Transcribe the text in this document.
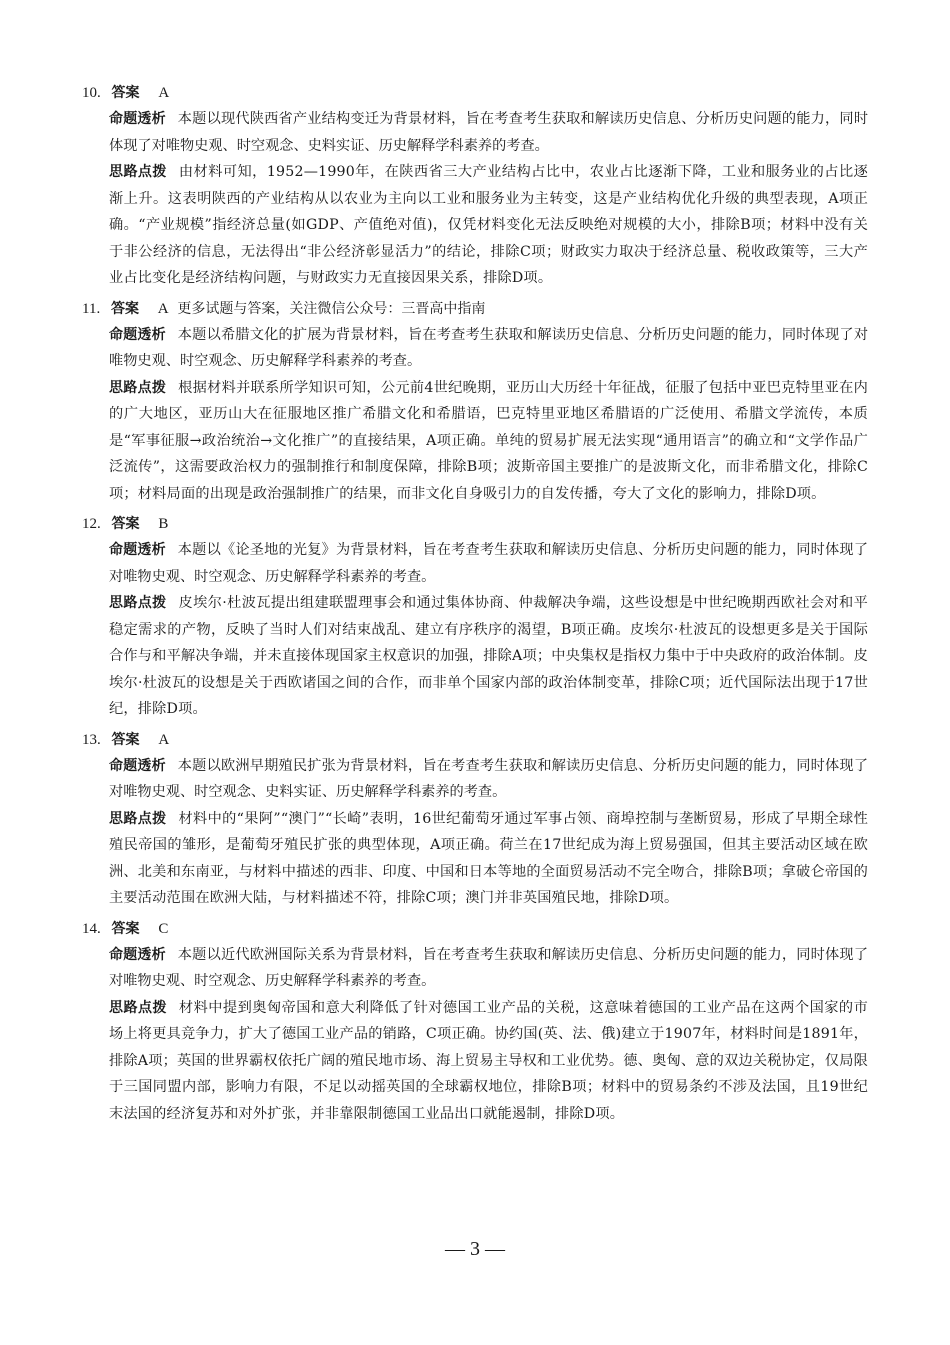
10. 答案 A
命题透析 本题以现代陕西省产业结构变迁为背景材料，旨在考查考生获取和解读历史信息、分析历史问题的能力，同时体现了对唯物史观、时空观念、史料实证、历史解释学科素养的考查。
思路点拨 由材料可知，1952—1990年，在陕西省三大产业结构占比中，农业占比逐渐下降，工业和服务业的占比逐渐上升。这表明陕西的产业结构从以农业为主向以工业和服务业为主转变，这是产业结构优化升级的典型表现，A项正确。“产业规模”指经济总量(如GDP、产值绝对值)，仅凭材料变化无法反映绝对规模的大小，排除B项；材料中没有关于非公经济的信息，无法得出“非公经济彰显活力”的结论，排除C项；财政实力取决于经济总量、税收政策等，三大产业占比变化是经济结构问题，与财政实力无直接因果关系，排除D项。
11. 答案 A 更多试题与答案，关注微信公众号：三晋高中指南
命题透析 本题以希腊文化的扩展为背景材料，旨在考查考生获取和解读历史信息、分析历史问题的能力，同时体现了对唯物史观、时空观念、历史解释学科素养的考查。
思路点拨 根据材料并联系所学知识可知，公元前4世纪晚期，亚历山大历经十年征战，征服了包括中亚巴克特里亚在内的广大地区，亚历山大在征服地区推广希腊文化和希腊语，巴克特里亚地区希腊语的广泛使用、希腊文学流传，本质是“军事征服→政治统治→文化推广”的直接结果，A项正确。单纯的贸易扩展无法实现“通用语言”的确立和“文学作品广泛流传”，这需要政治权力的强制推行和制度保障，排除B项；波斯帝国主要推广的是波斯文化，而非希腊文化，排除C项；材料局面的出现是政治强制推广的结果，而非文化自身吸引力的自发传播，夸大了文化的影响力，排除D项。
12. 答案 B
命题透析 本题以《论圣地的光复》为背景材料，旨在考查考生获取和解读历史信息、分析历史问题的能力，同时体现了对唯物史观、时空观念、历史解释学科素养的考查。
思路点拨 皮埃尔·杜波瓦提出组建联盟理事会和通过集体协商、仲裁解决争端，这些设想是中世纪晚期西欧社会对和平稳定需求的产物，反映了当时人们对结束战乱、建立有序秩序的渴望，B项正确。皮埃尔·杜波瓦的设想更多是关于国际合作与和平解决争端，并未直接体现国家主权意识的加强，排除A项；中央集权是指权力集中于中央政府的政治体制。皮埃尔·杜波瓦的设想是关于西欧诸国之间的合作，而非单个国家内部的政治体制变革，排除C项；近代国际法出现于17世纪，排除D项。
13. 答案 A
命题透析 本题以欧洲早期殖民扩张为背景材料，旨在考查考生获取和解读历史信息、分析历史问题的能力，同时体现了对唯物史观、时空观念、史料实证、历史解释学科素养的考查。
思路点拨 材料中的“果阿”“澳门”“长崎”表明，16世纪葡萄牙通过军事占领、商埠控制与垄断贸易，形成了早期全球性殖民帝国的雏形，是葡萄牙殖民扩张的典型体现，A项正确。荷兰在17世纪成为海上贸易强国，但其主要活动区域在欧洲、北美和东南亚，与材料中描述的西非、印度、中国和日本等地的全面贸易活动不完全吻合，排除B项；拿破仑帝国的主要活动范围在欧洲大陆，与材料描述不符，排除C项；澳门并非英国殖民地，排除D项。
14. 答案 C
命题透析 本题以近代欧洲国际关系为背景材料，旨在考查考生获取和解读历史信息、分析历史问题的能力，同时体现了对唯物史观、时空观念、历史解释学科素养的考查。
思路点拨 材料中提到奥匈帝国和意大利降低了针对德国工业产品的关税，这意味着德国的工业产品在这两个国家的市场上将更具竞争力，扩大了德国工业产品的销路，C项正确。协约国(英、法、俄)建立于1907年，材料时间是1891年，排除A项；英国的世界霸权依托广阔的殖民地市场、海上贸易主导权和工业优势。德、奥匈、意的双边关税协定，仅局限于三国同盟内部，影响力有限，不足以动摇英国的全球霸权地位，排除B项；材料中的贸易条约不涉及法国，且19世纪末法国的经济复苏和对外扩张，并非靠限制德国工业品出口就能遏制，排除D项。
— 3 —
